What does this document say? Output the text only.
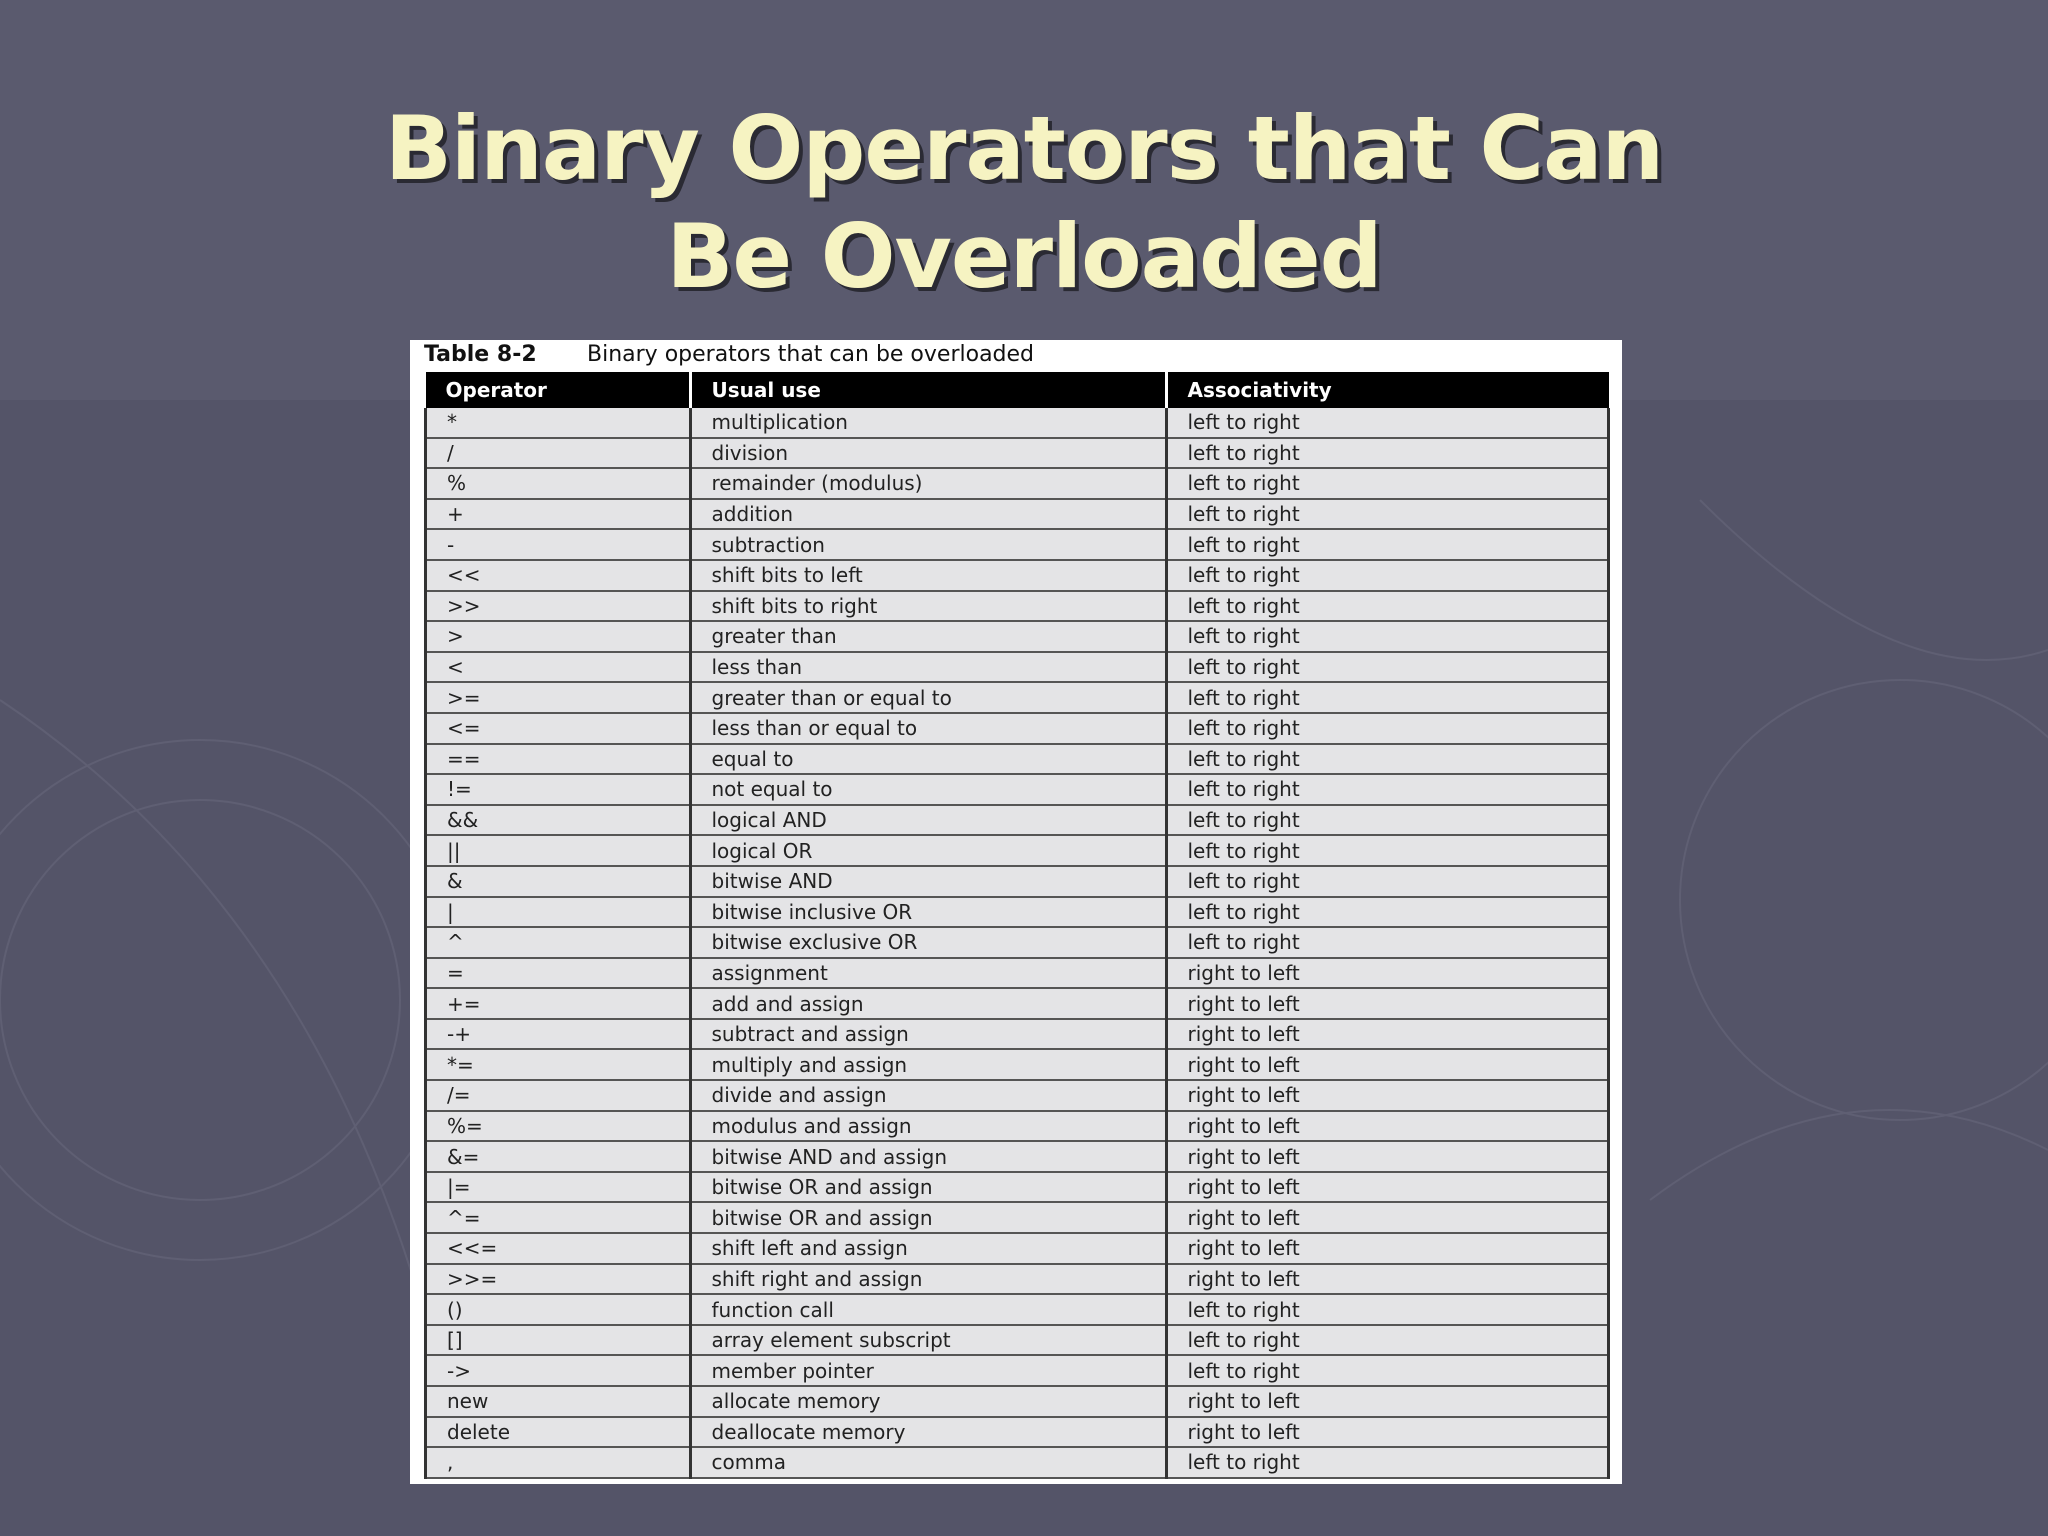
Binary Operators that Can
Be Overloaded
Table 8-2 Binary operators that can be overloaded
Operator	Usual use	Associativity
*	multiplication	left to right
/	division	left to right
%	remainder (modulus)	left to right
+	addition	left to right
-	subtraction	left to right
<<	shift bits to left	left to right
>>	shift bits to right	left to right
>	greater than	left to right
<	less than	left to right
>=	greater than or equal to	left to right
<=	less than or equal to	left to right
==	equal to	left to right
!=	not equal to	left to right
&&	logical AND	left to right
||	logical OR	left to right
&	bitwise AND	left to right
|	bitwise inclusive OR	left to right
^	bitwise exclusive OR	left to right
=	assignment	right to left
+=	add and assign	right to left
-+	subtract and assign	right to left
*=	multiply and assign	right to left
/=	divide and assign	right to left
%=	modulus and assign	right to left
&=	bitwise AND and assign	right to left
|=	bitwise OR and assign	right to left
^=	bitwise OR and assign	right to left
<<=	shift left and assign	right to left
>>=	shift right and assign	right to left
()	function call	left to right
[]	array element subscript	left to right
->	member pointer	left to right
new	allocate memory	right to left
delete	deallocate memory	right to left
,	comma	left to right
